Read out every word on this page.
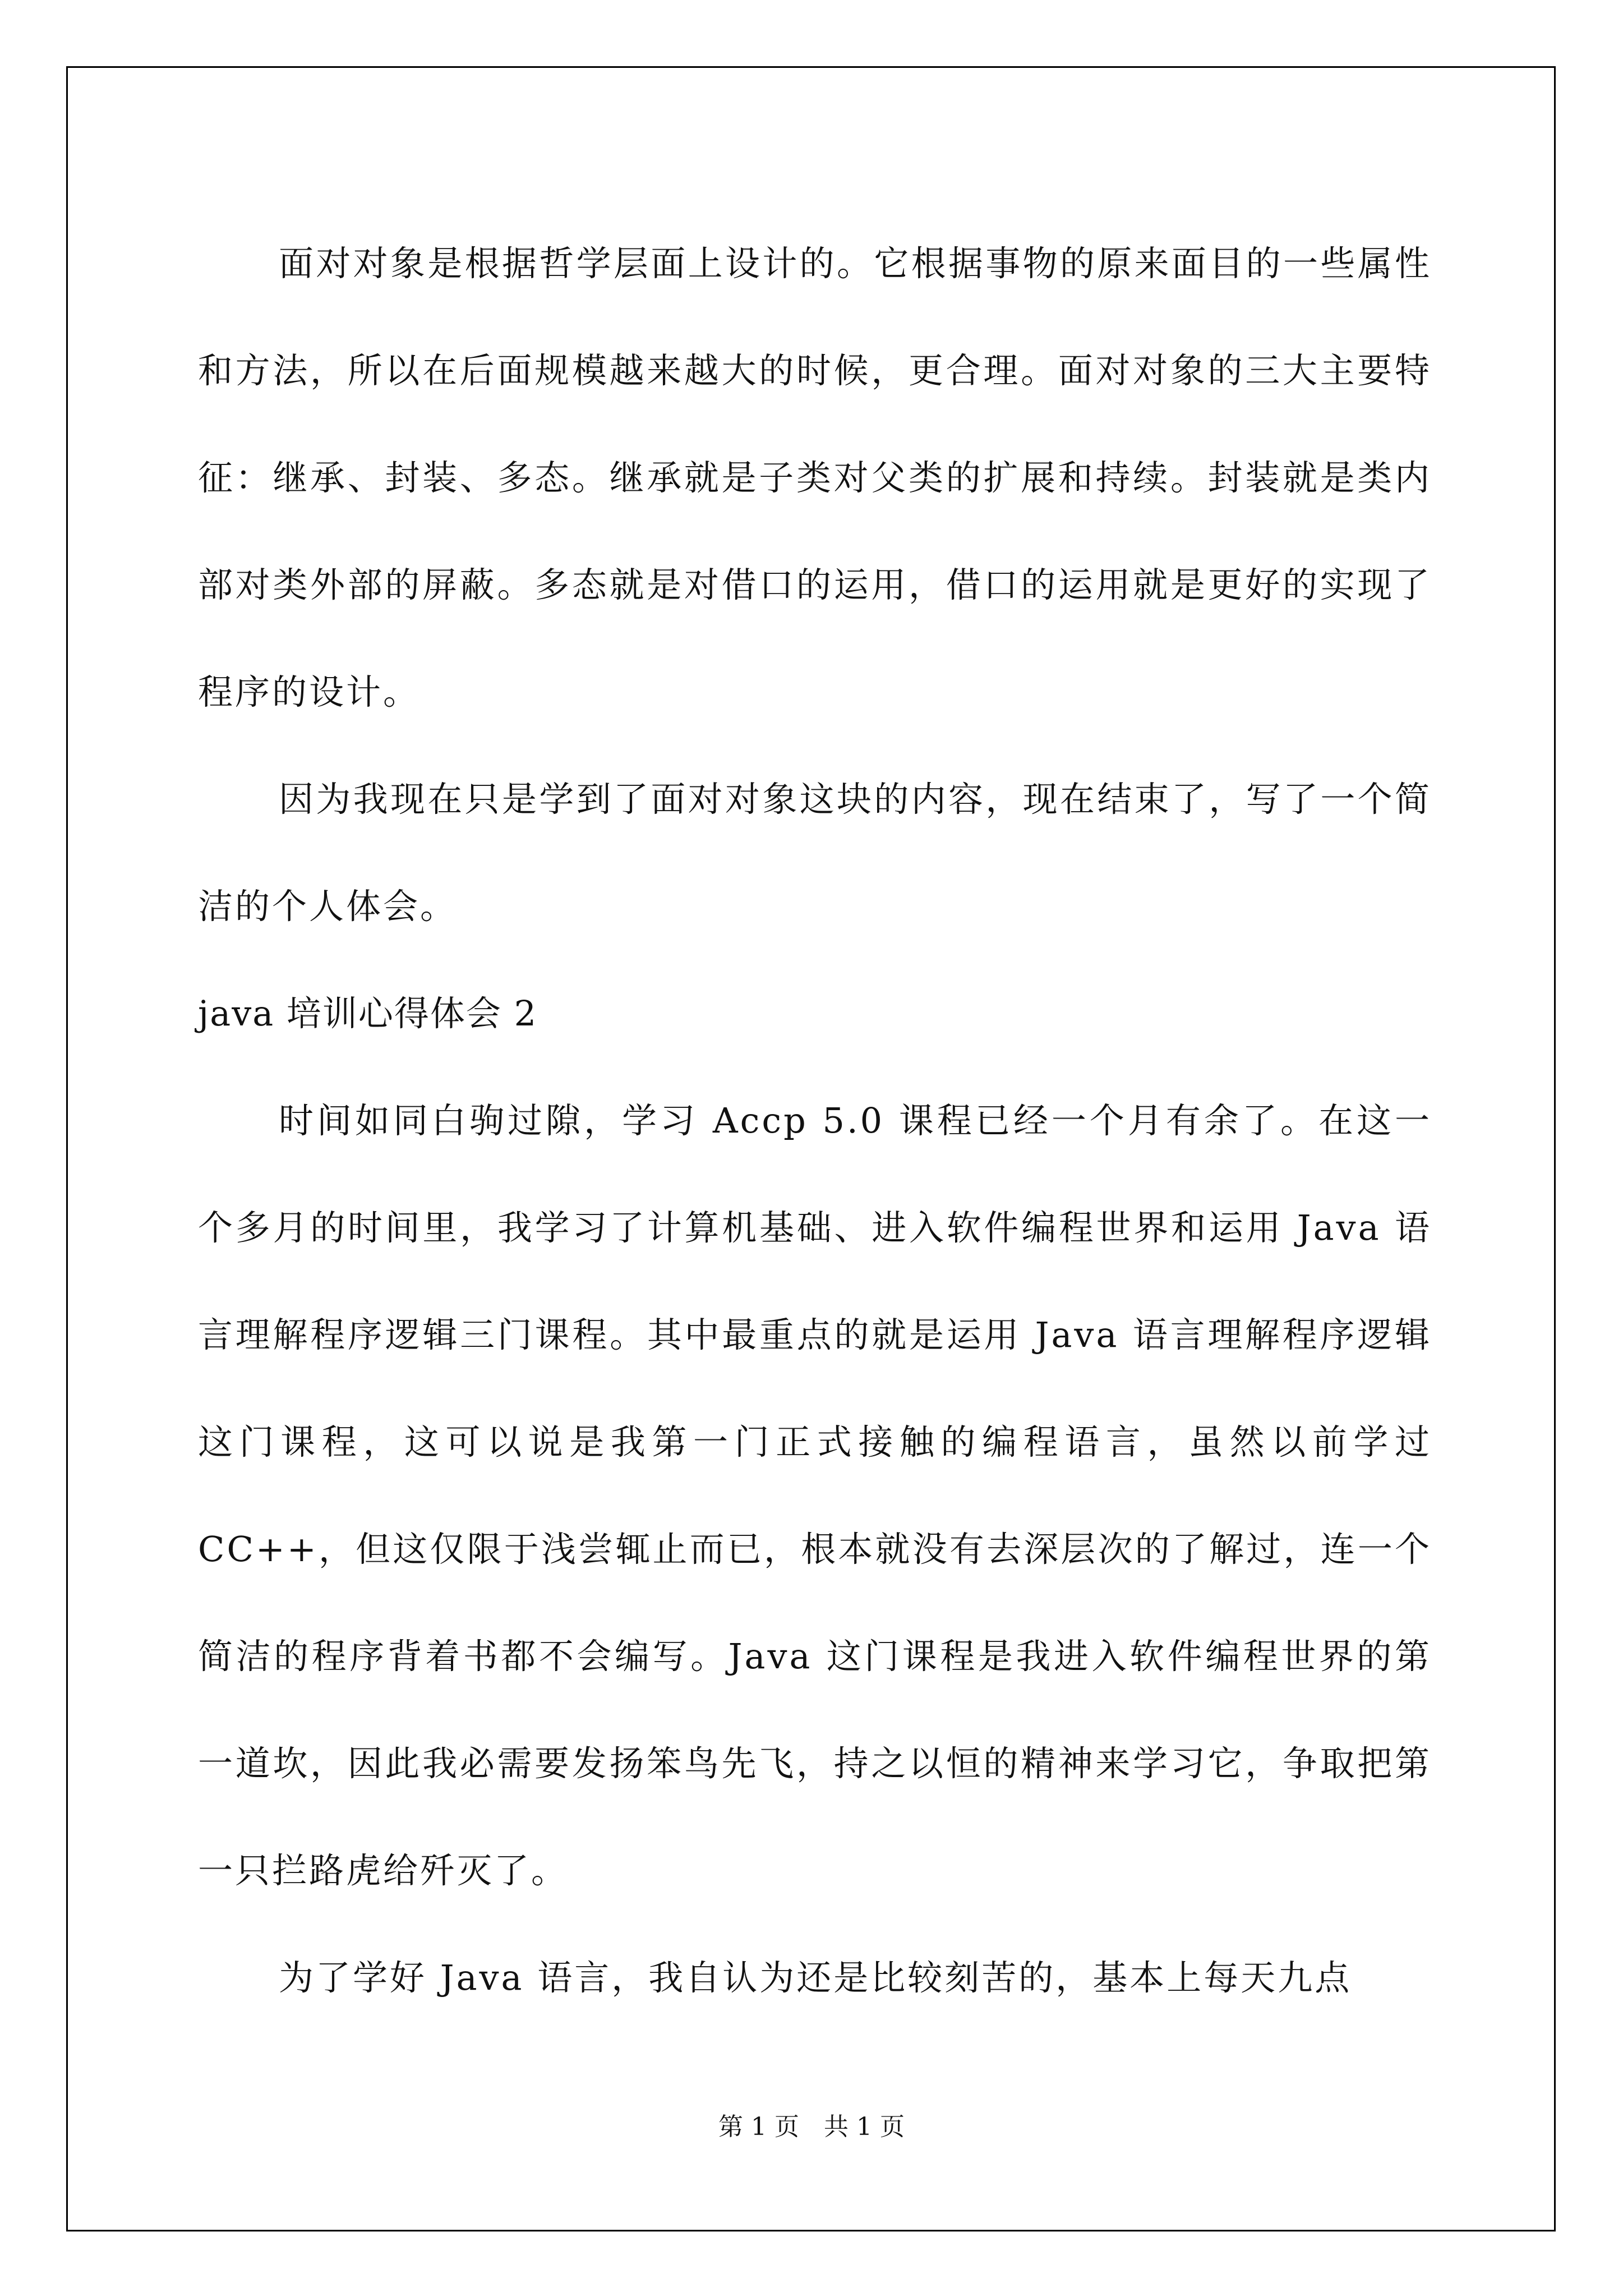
面对对象是根据哲学层面上设计的。它根据事物的原来面目的一些属性和方法，所以在后面规模越来越大的时候，更合理。面对对象的三大主要特征：继承、封装、多态。继承就是子类对父类的扩展和持续。封装就是类内部对类外部的屏蔽。多态就是对借口的运用，借口的运用就是更好的实现了程序的设计。

因为我现在只是学到了面对对象这块的内容，现在结束了，写了一个简洁的个人体会。

java 培训心得体会 2

时间如同白驹过隙，学习 Accp 5.0 课程已经一个月有余了。在这一个多月的时间里，我学习了计算机基础、进入软件编程世界和运用 Java 语言理解程序逻辑三门课程。其中最重点的就是运用 Java 语言理解程序逻辑这门课程，这可以说是我第一门正式接触的编程语言，虽然以前学过 CC++，但这仅限于浅尝辄止而已，根本就没有去深层次的了解过，连一个简洁的程序背着书都不会编写。Java 这门课程是我进入软件编程世界的第一道坎，因此我必需要发扬笨鸟先飞，持之以恒的精神来学习它，争取把第一只拦路虎给歼灭了。

为了学好 Java 语言，我自认为还是比较刻苦的，基本上每天九点

第 1 页　共 1 页
